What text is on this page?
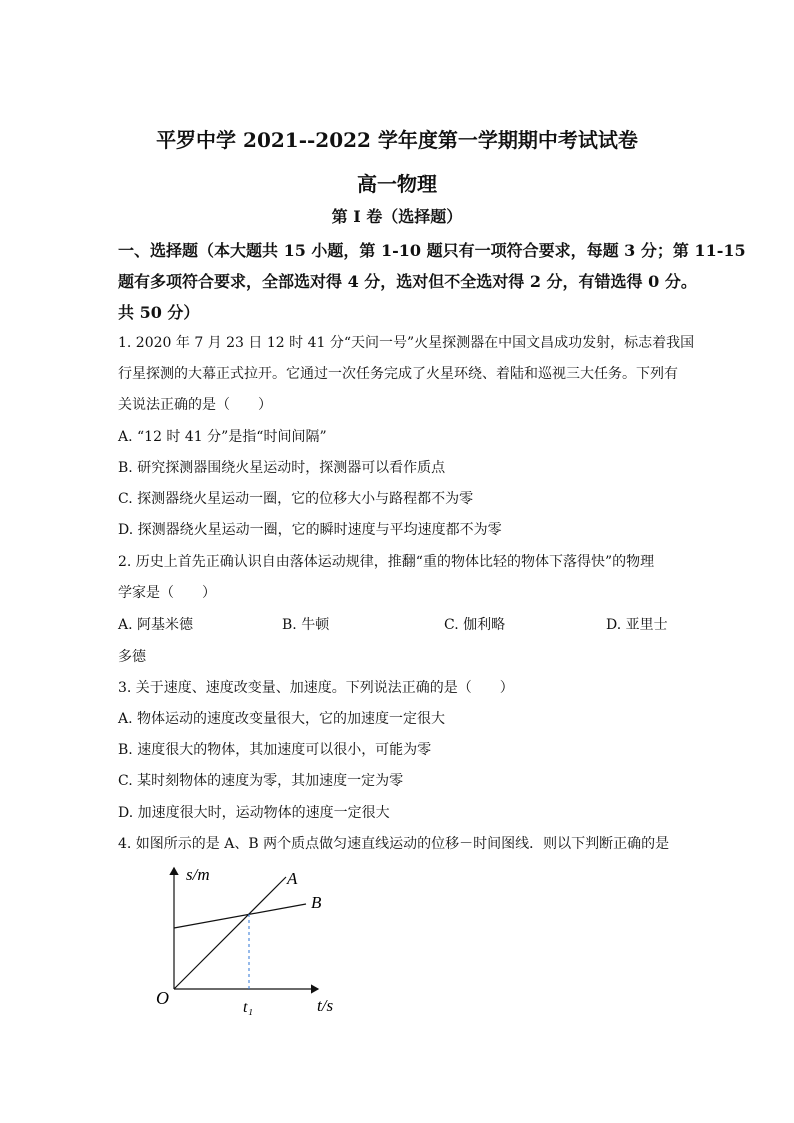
平罗中学 2021--2022 学年度第一学期期中考试试卷
高一物理
第 I 卷（选择题）
一、选择题（本大题共 15 小题，第 1-10 题只有一项符合要求，每题 3 分；第 11-15
题有多项符合要求，全部选对得 4 分，选对但不全选对得 2 分，有错选得 0 分。
共 50 分）
1. 2020 年 7 月 23 日 12 时 41 分“天问一号”火星探测器在中国文昌成功发射，标志着我国
行星探测的大幕正式拉开。它通过一次任务完成了火星环绕、着陆和巡视三大任务。下列有
关说法正确的是（　　）
A. “12 时 41 分”是指“时间间隔”
B. 研究探测器围绕火星运动时，探测器可以看作质点
C. 探测器绕火星运动一圈，它的位移大小与路程都不为零
D. 探测器绕火星运动一圈，它的瞬时速度与平均速度都不为零
2. 历史上首先正确认识自由落体运动规律，推翻“重的物体比轻的物体下落得快”的物理
学家是（　　）
A. 阿基米德	B. 牛顿	C. 伽利略	D. 亚里士
多德
3. 关于速度、速度改变量、加速度。下列说法正确的是（　　）
A. 物体运动的速度改变量很大，它的加速度一定很大
B. 速度很大的物体，其加速度可以很小，可能为零
C. 某时刻物体的速度为零，其加速度一定为零
D. 加速度很大时，运动物体的速度一定很大
4. 如图所示的是 A、B 两个质点做匀速直线运动的位移－时间图线．则以下判断正确的是
s/m
t/s
O	t₁
A
B
